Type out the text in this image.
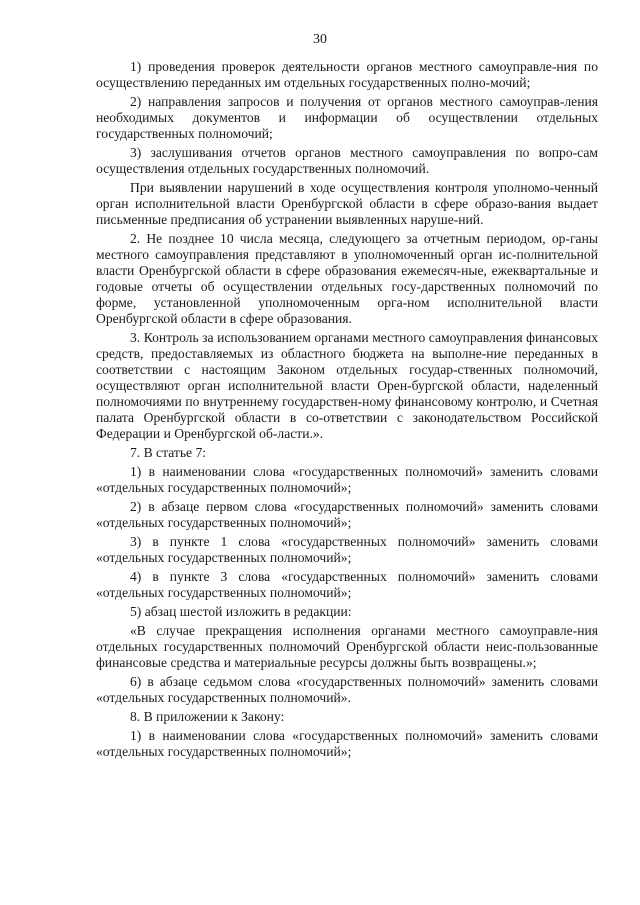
30

1) проведения проверок деятельности органов местного самоуправле-ния по осуществлению переданных им отдельных государственных полно-мочий;

2) направления запросов и получения от органов местного самоуправ-ления необходимых документов и информации об осуществлении отдельных государственных полномочий;

3) заслушивания отчетов органов местного самоуправления по вопро-сам осуществления отдельных государственных полномочий.

При выявлении нарушений в ходе осуществления контроля уполномо-ченный орган исполнительной власти Оренбургской области в сфере образо-вания выдает письменные предписания об устранении выявленных наруше-ний.

2. Не позднее 10 числа месяца, следующего за отчетным периодом, ор-ганы местного самоуправления представляют в уполномоченный орган ис-полнительной власти Оренбургской области в сфере образования ежемесяч-ные, ежеквартальные и годовые отчеты об осуществлении отдельных госу-дарственных полномочий по форме, установленной уполномоченным орга-ном исполнительной власти Оренбургской области в сфере образования.

3. Контроль за использованием органами местного самоуправления финансовых средств, предоставляемых из областного бюджета на выполне-ние переданных в соответствии с настоящим Законом отдельных государ-ственных полномочий, осуществляют орган исполнительной власти Орен-бургской области, наделенный полномочиями по внутреннему государствен-ному финансовому контролю, и Счетная палата Оренбургской области в со-ответствии с законодательством Российской Федерации и Оренбургской об-ласти.».

7. В статье 7:

1) в наименовании слова «государственных полномочий» заменить словами «отдельных государственных полномочий»;

2) в абзаце первом слова «государственных полномочий» заменить словами «отдельных государственных полномочий»;

3) в пункте 1 слова «государственных полномочий» заменить словами «отдельных государственных полномочий»;

4) в пункте 3 слова «государственных полномочий» заменить словами «отдельных государственных полномочий»;

5) абзац шестой изложить в редакции:

«В случае прекращения исполнения органами местного самоуправле-ния отдельных государственных полномочий Оренбургской области неис-пользованные финансовые средства и материальные ресурсы должны быть возвращены.»;

6) в абзаце седьмом слова «государственных полномочий» заменить словами «отдельных государственных полномочий».

8. В приложении к Закону:

1) в наименовании слова «государственных полномочий» заменить словами «отдельных государственных полномочий»;
